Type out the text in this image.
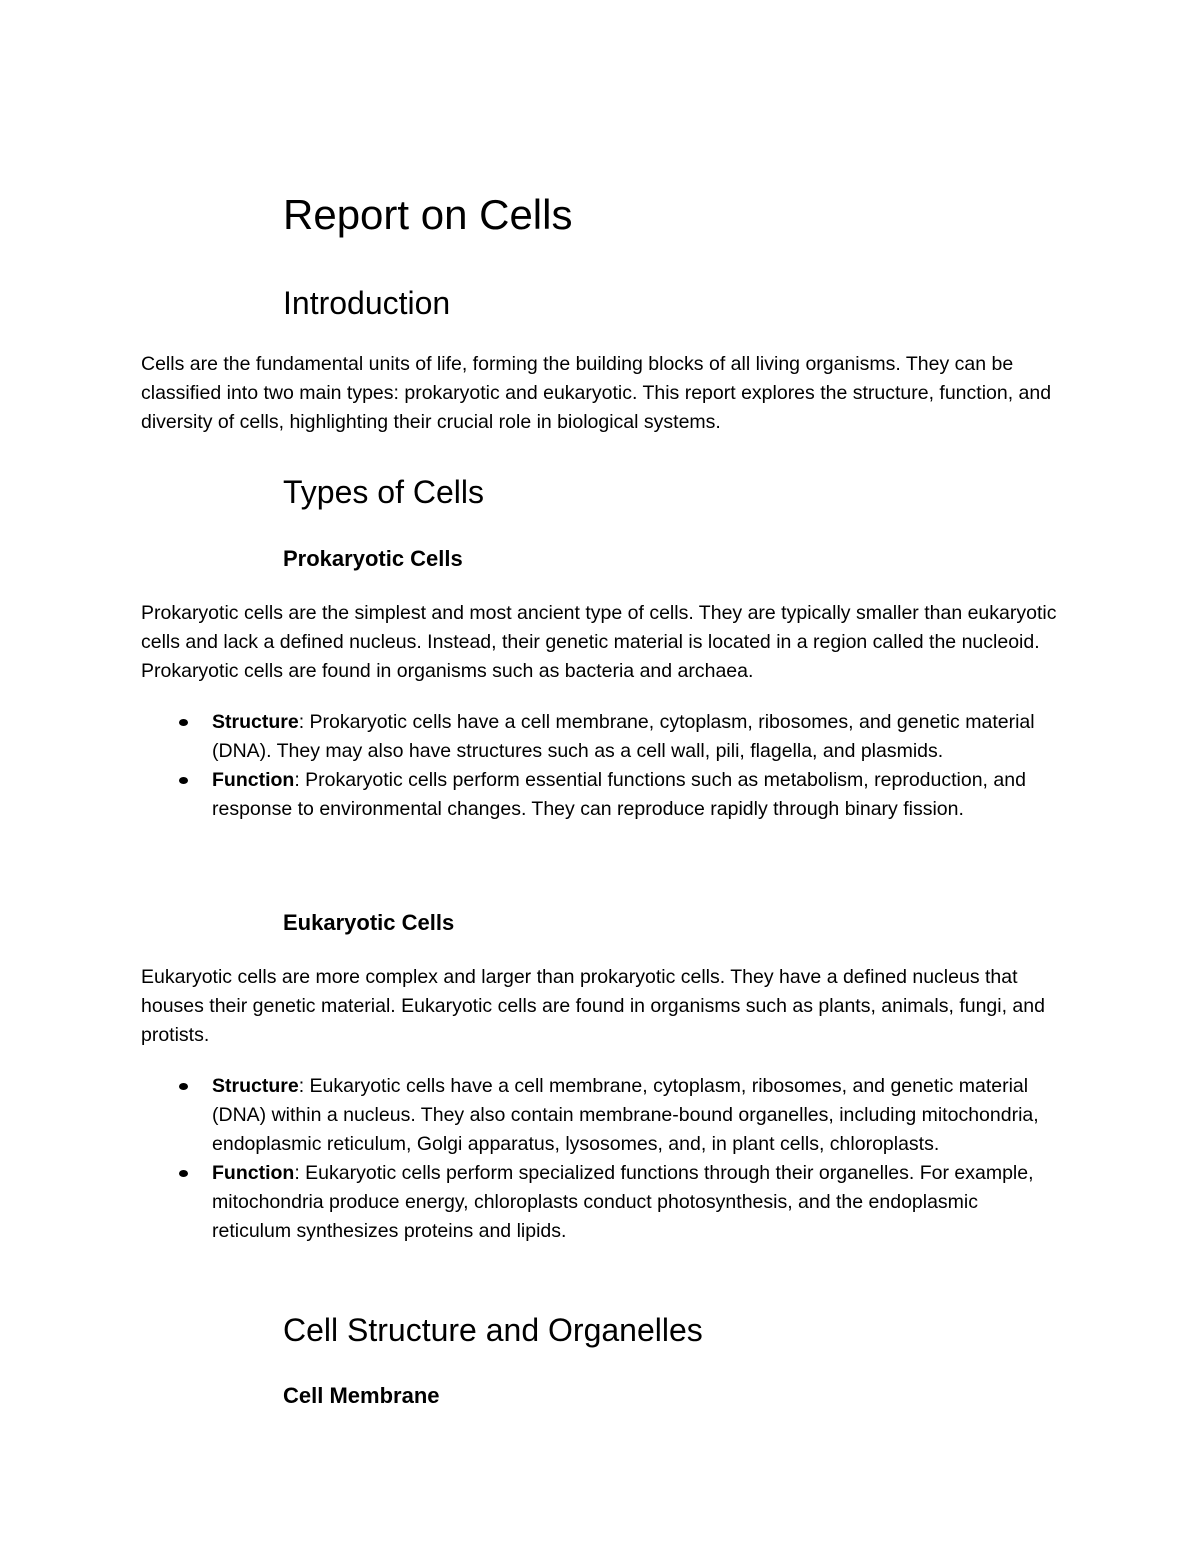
Report on Cells
Introduction

Cells are the fundamental units of life, forming the building blocks of all living organisms. They can be classified into two main types: prokaryotic and eukaryotic. This report explores the structure, function, and diversity of cells, highlighting their crucial role in biological systems.

Types of Cells
Prokaryotic Cells

Prokaryotic cells are the simplest and most ancient type of cells. They are typically smaller than eukaryotic cells and lack a defined nucleus. Instead, their genetic material is located in a region called the nucleoid. Prokaryotic cells are found in organisms such as bacteria and archaea.

Structure: Prokaryotic cells have a cell membrane, cytoplasm, ribosomes, and genetic material (DNA). They may also have structures such as a cell wall, pili, flagella, and plasmids.
Function: Prokaryotic cells perform essential functions such as metabolism, reproduction, and response to environmental changes. They can reproduce rapidly through binary fission.
Eukaryotic Cells

Eukaryotic cells are more complex and larger than prokaryotic cells. They have a defined nucleus that houses their genetic material. Eukaryotic cells are found in organisms such as plants, animals, fungi, and protists.

Structure: Eukaryotic cells have a cell membrane, cytoplasm, ribosomes, and genetic material (DNA) within a nucleus. They also contain membrane-bound organelles, including mitochondria, endoplasmic reticulum, Golgi apparatus, lysosomes, and, in plant cells, chloroplasts.
Function: Eukaryotic cells perform specialized functions through their organelles. For example, mitochondria produce energy, chloroplasts conduct photosynthesis, and the endoplasmic reticulum synthesizes proteins and lipids.
Cell Structure and Organelles
Cell Membrane
